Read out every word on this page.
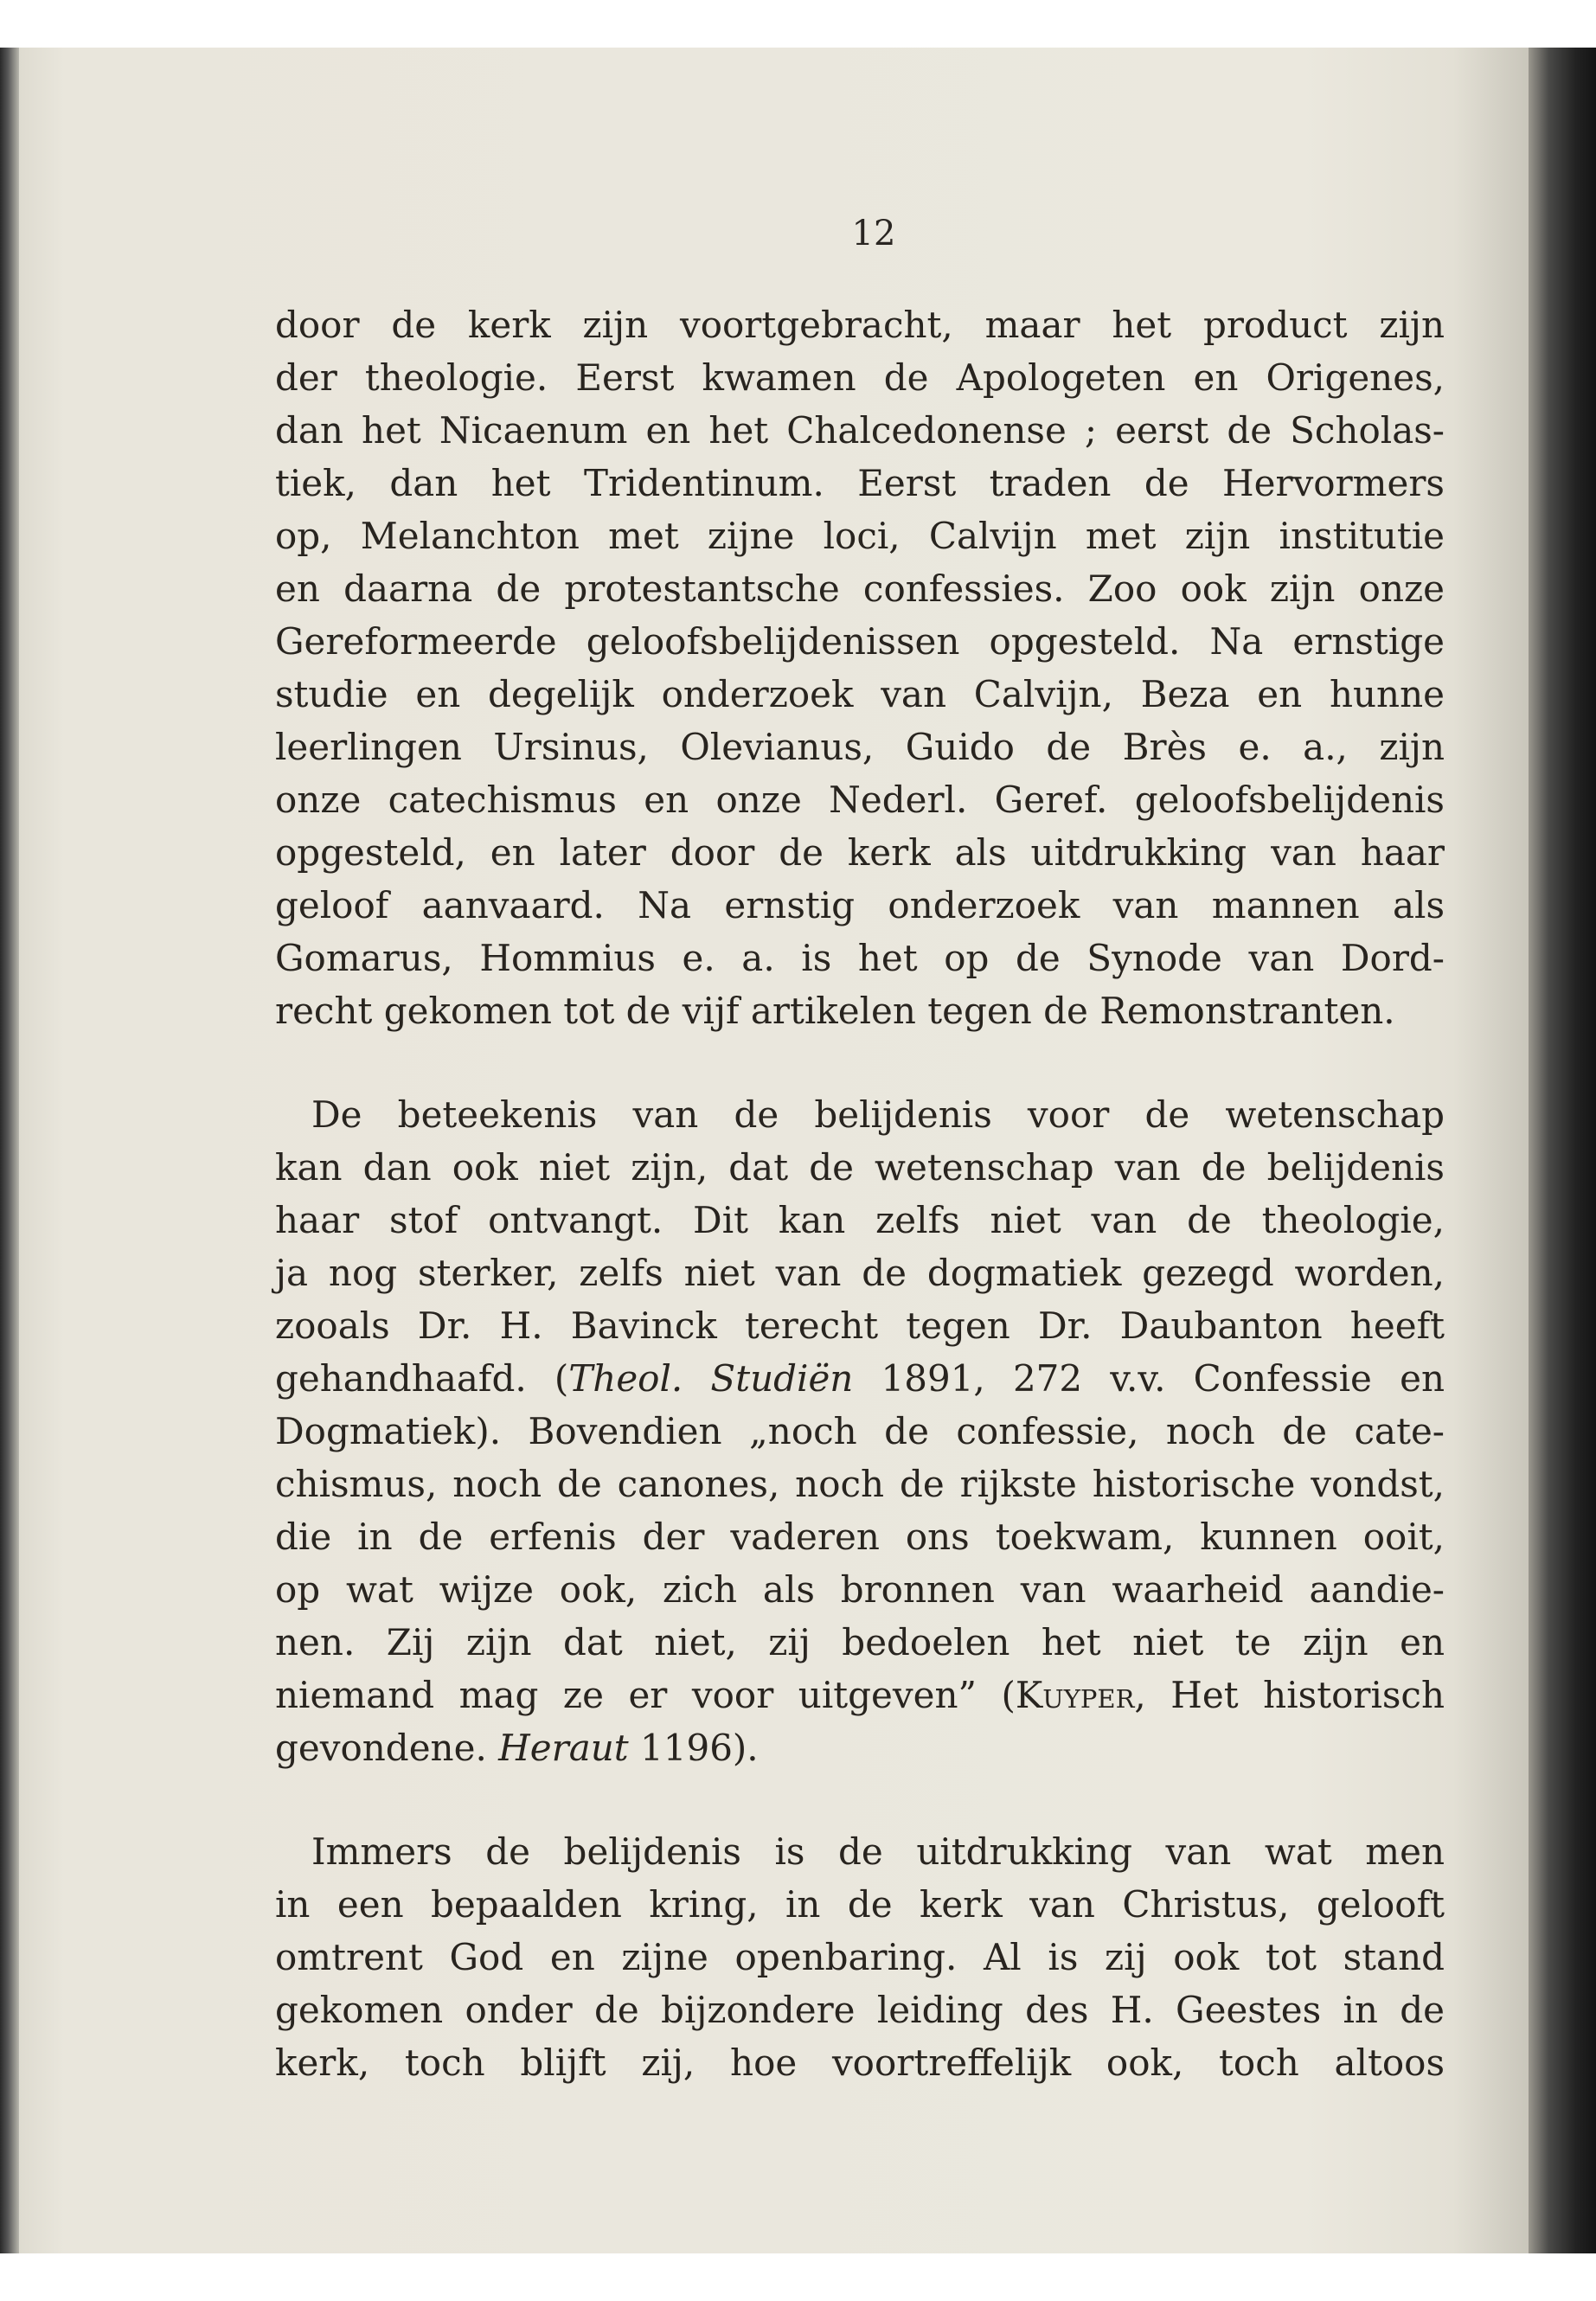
12

door de kerk zijn voortgebracht, maar het product zijn
der theologie. Eerst kwamen de Apologeten en Origenes,
dan het Nicaenum en het Chalcedonense ; eerst de Scholas-
tiek, dan het Tridentinum. Eerst traden de Hervormers
op, Melanchton met zijne loci, Calvijn met zijn institutie
en daarna de protestantsche confessies. Zoo ook zijn onze
Gereformeerde geloofsbelijdenissen opgesteld. Na ernstige
studie en degelijk onderzoek van Calvijn, Beza en hunne
leerlingen Ursinus, Olevianus, Guido de Brès e. a., zijn
onze catechismus en onze Nederl. Geref. geloofsbelijdenis
opgesteld, en later door de kerk als uitdrukking van haar
geloof aanvaard. Na ernstig onderzoek van mannen als
Gomarus, Hommius e. a. is het op de Synode van Dord-
recht gekomen tot de vijf artikelen tegen de Remonstranten.

De beteekenis van de belijdenis voor de wetenschap
kan dan ook niet zijn, dat de wetenschap van de belijdenis
haar stof ontvangt. Dit kan zelfs niet van de theologie,
ja nog sterker, zelfs niet van de dogmatiek gezegd worden,
zooals Dr. H. Bavinck terecht tegen Dr. Daubanton heeft
gehandhaafd. (Theol. Studiën 1891, 272 v.v. Confessie en
Dogmatiek). Bovendien „noch de confessie, noch de cate-
chismus, noch de canones, noch de rijkste historische vondst,
die in de erfenis der vaderen ons toekwam, kunnen ooit,
op wat wijze ook, zich als bronnen van waarheid aandie-
nen. Zij zijn dat niet, zij bedoelen het niet te zijn en
niemand mag ze er voor uitgeven” (Kuyper, Het historisch
gevondene. Heraut 1196).

Immers de belijdenis is de uitdrukking van wat men
in een bepaalden kring, in de kerk van Christus, gelooft
omtrent God en zijne openbaring. Al is zij ook tot stand
gekomen onder de bijzondere leiding des H. Geestes in de
kerk, toch blijft zij, hoe voortreffelijk ook, toch altoos
